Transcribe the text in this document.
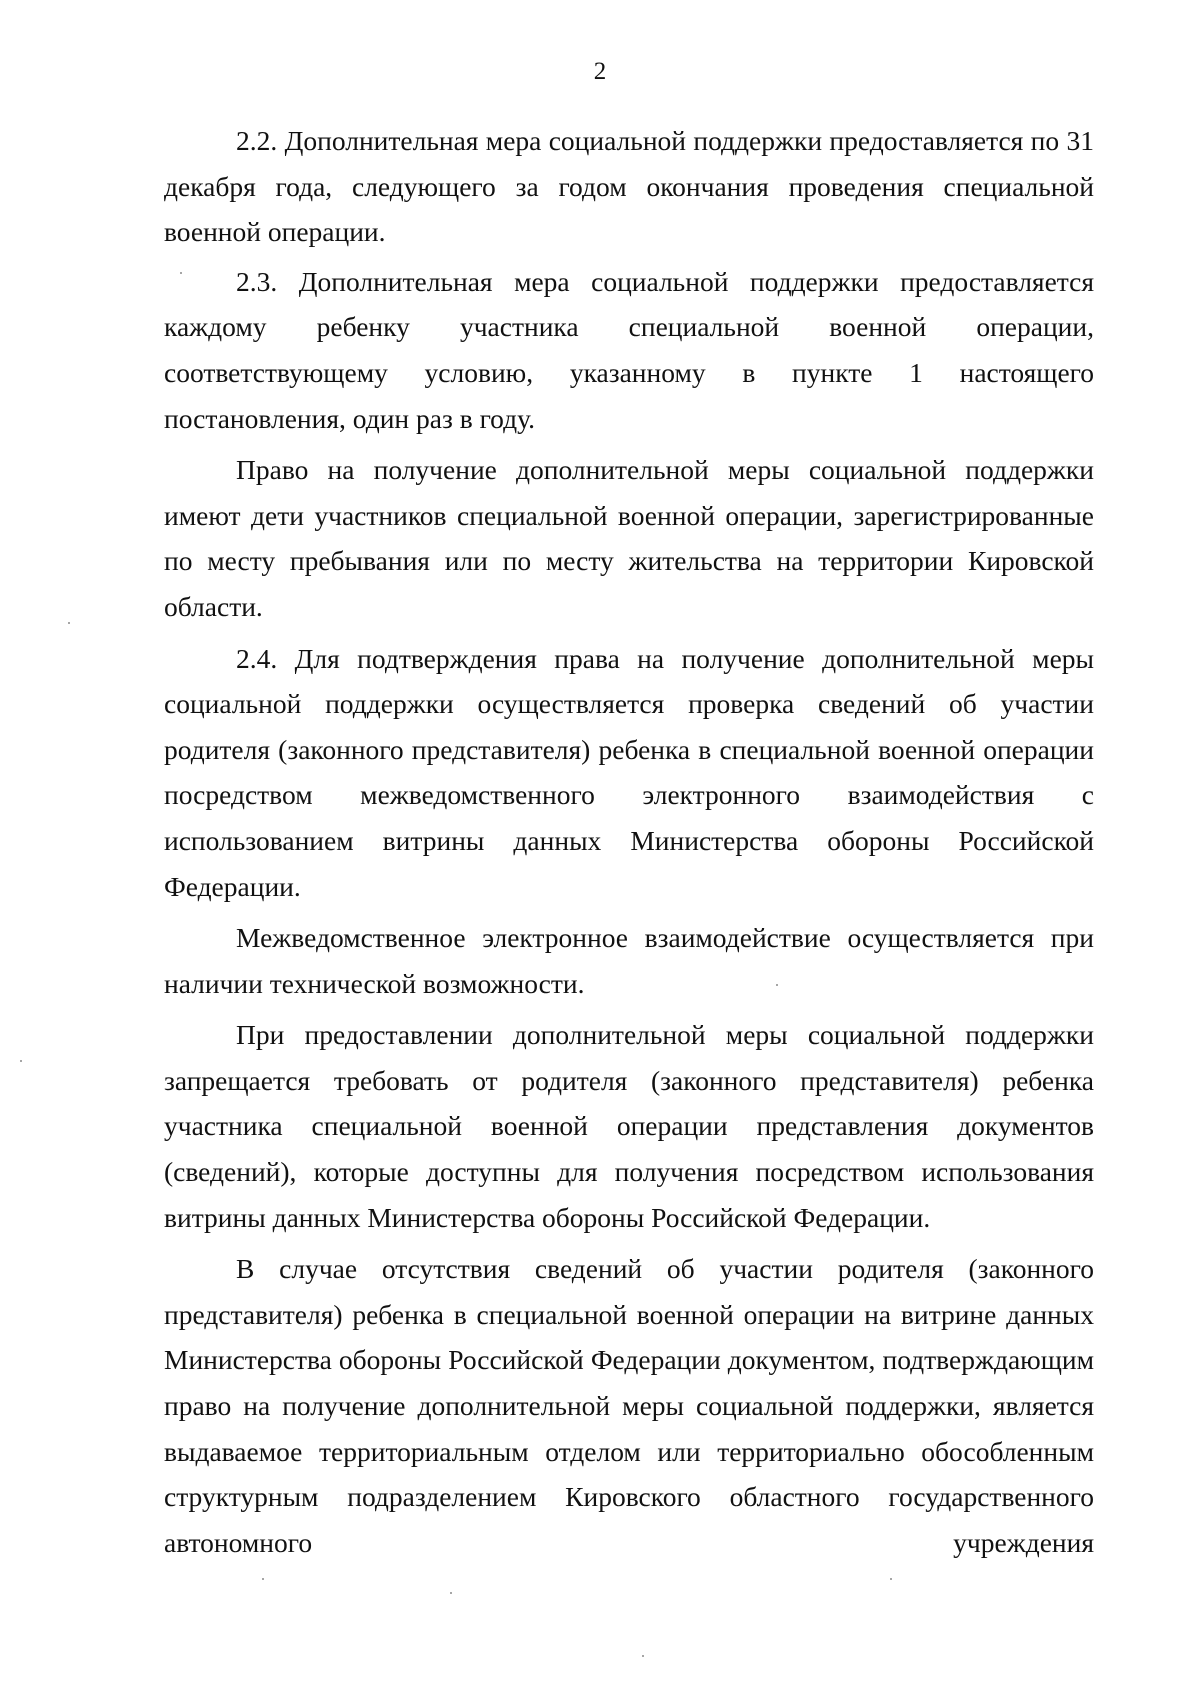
2

2.2. Дополнительная мера социальной поддержки предоставляется по 31 декабря года, следующего за годом окончания проведения специальной военной операции.

2.3. Дополнительная мера социальной поддержки предоставляется каждому ребенку участника специальной военной операции, соответствующему условию, указанному в пункте 1 настоящего постановления, один раз в году.

Право на получение дополнительной меры социальной поддержки имеют дети участников специальной военной операции, зарегистрированные по месту пребывания или по месту жительства на территории Кировской области.

2.4. Для подтверждения права на получение дополнительной меры социальной поддержки осуществляется проверка сведений об участии родителя (законного представителя) ребенка в специальной военной операции посредством межведомственного электронного взаимодействия с использованием витрины данных Министерства обороны Российской Федерации.

Межведомственное электронное взаимодействие осуществляется при наличии технической возможности.

При предоставлении дополнительной меры социальной поддержки запрещается требовать от родителя (законного представителя) ребенка участника специальной военной операции представления документов (сведений), которые доступны для получения посредством использования витрины данных Министерства обороны Российской Федерации.

В случае отсутствия сведений об участии родителя (законного представителя) ребенка в специальной военной операции на витрине данных Министерства обороны Российской Федерации документом, подтверждающим право на получение дополнительной меры социальной поддержки, является выдаваемое территориальным отделом или территориально обособленным структурным подразделением Кировского областного государственного автономного учреждения
